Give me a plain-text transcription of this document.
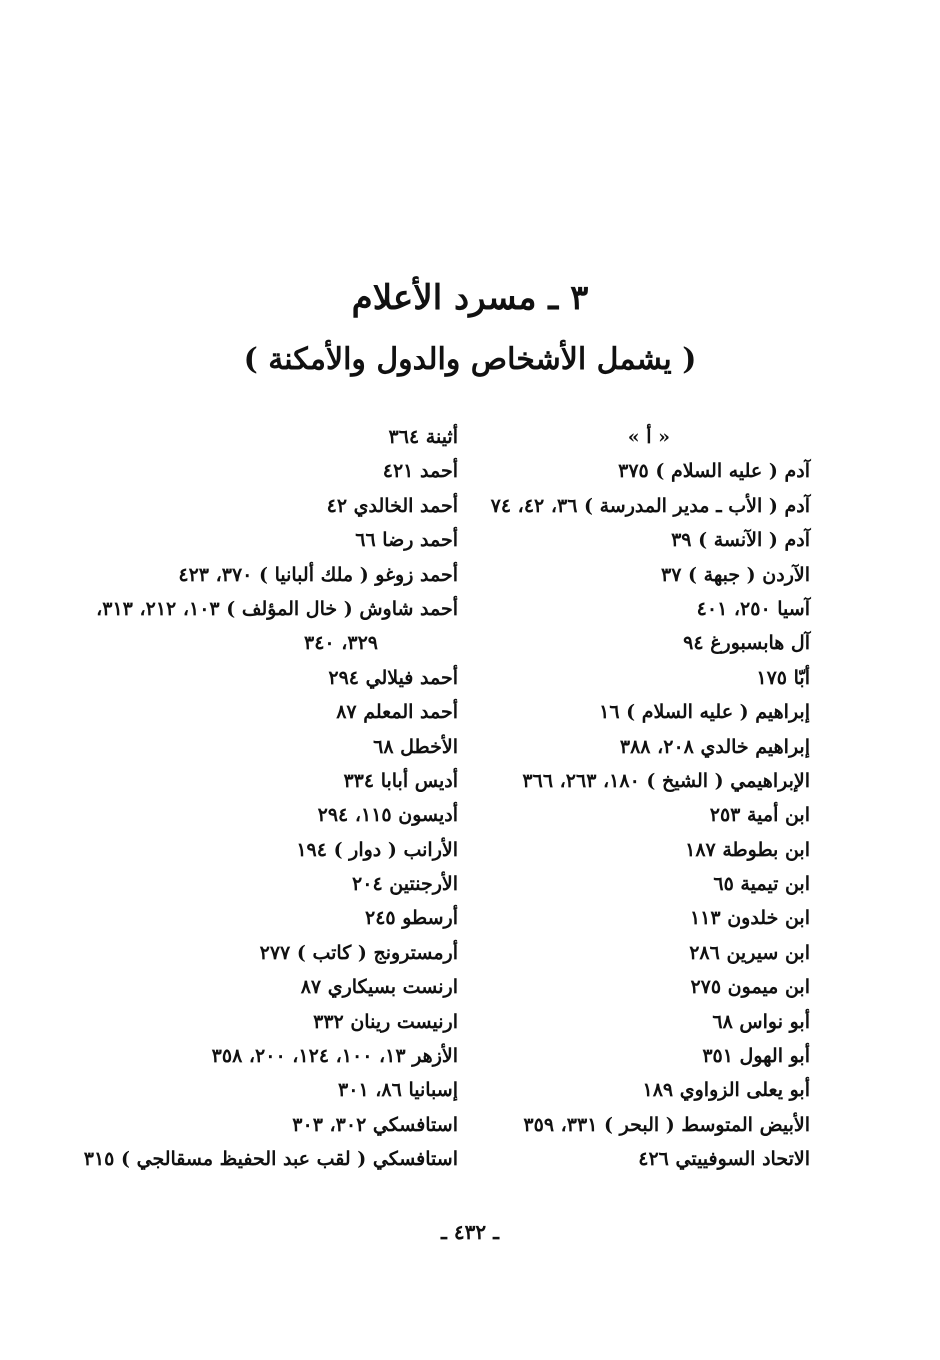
٣ ـ مسرد الأعلام
( يشمل الأشخاص والدول والأمكنة )
« أ »
آدم ( عليه السلام ) ٣٧٥
آدم ( الأب ـ مدير المدرسة ) ٣٦، ٤٢، ٧٤
آدم ( الآنسة ) ٣٩
الآردن ( جبهة ) ٣٧
آسيا ٢٥٠، ٤٠١
آل هابسبورغ ٩٤
أبّا ١٧٥
إبراهيم ( عليه السلام ) ١٦
إبراهيم خالدي ٢٠٨، ٣٨٨
الإبراهيمي ( الشيخ ) ١٨٠، ٢٦٣، ٣٦٦
ابن أمية ٢٥٣
ابن بطوطة ١٨٧
ابن تيمية ٦٥
ابن خلدون ١١٣
ابن سيرين ٢٨٦
ابن ميمون ٢٧٥
أبو نواس ٦٨
أبو الهول ٣٥١
أبو يعلى الزواوي ١٨٩
الأبيض المتوسط ( البحر ) ٣٣١، ٣٥٩
الاتحاد السوفييتي ٤٢٦
أثينة ٣٦٤
أحمد ٤٢١
أحمد الخالدي ٤٢
أحمد رضا ٦٦
أحمد زوغو ( ملك ألبانيا ) ٣٧٠، ٤٢٣
أحمد شاوش ( خال المؤلف ) ١٠٣، ٢١٢، ٣١٣،
٣٢٩، ٣٤٠
أحمد فيلالي ٢٩٤
أحمد المعلم ٨٧
الأخطل ٦٨
أديس أبابا ٣٣٤
أديسون ١١٥، ٢٩٤
الأرانب ( دوار ) ١٩٤
الأرجنتين ٢٠٤
أرسطو ٢٤٥
أرمسترونج ( كاتب ) ٢٧٧
ارنست بسيكاري ٨٧
ارنيست رينان ٣٣٢
الأزهر ١٣، ١٠٠، ١٢٤، ٢٠٠، ٣٥٨
إسبانيا ٨٦، ٣٠١
استافسكي ٣٠٢، ٣٠٣
استافسكي ( لقب عبد الحفيظ مسقالجي ) ٣١٥
ـ ٤٣٢ ـ
